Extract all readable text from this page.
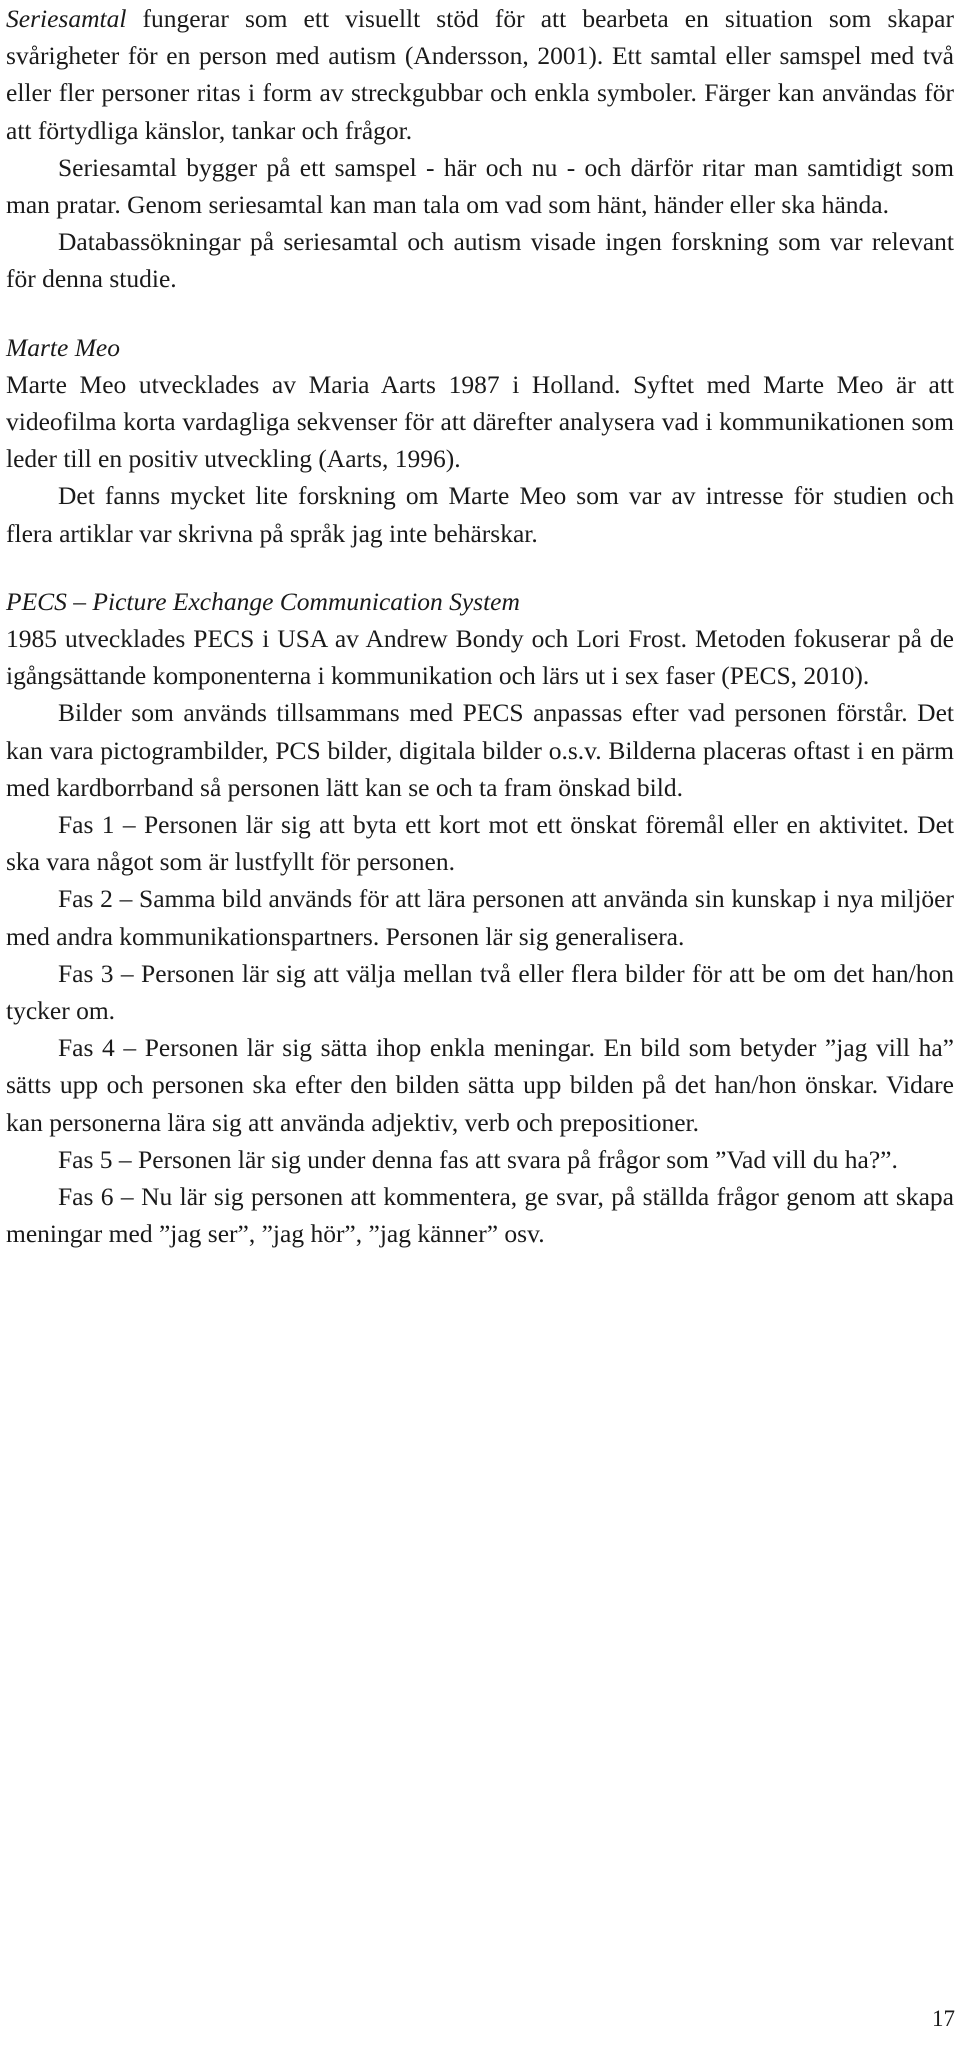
Seriesamtal fungerar som ett visuellt stöd för att bearbeta en situation som skapar svårigheter för en person med autism (Andersson, 2001). Ett samtal eller samspel med två eller fler personer ritas i form av streckgubbar och enkla symboler. Färger kan användas för att förtydliga känslor, tankar och frågor.

Seriesamtal bygger på ett samspel - här och nu - och därför ritar man samtidigt som man pratar. Genom seriesamtal kan man tala om vad som hänt, händer eller ska hända.

Databassökningar på seriesamtal och autism visade ingen forskning som var relevant för denna studie.

Marte Meo

Marte Meo utvecklades av Maria Aarts 1987 i Holland. Syftet med Marte Meo är att videofilma korta vardagliga sekvenser för att därefter analysera vad i kommunikationen som leder till en positiv utveckling (Aarts, 1996).

Det fanns mycket lite forskning om Marte Meo som var av intresse för studien och flera artiklar var skrivna på språk jag inte behärskar.

PECS – Picture Exchange Communication System

1985 utvecklades PECS i USA av Andrew Bondy och Lori Frost. Metoden fokuserar på de igångsättande komponenterna i kommunikation och lärs ut i sex faser (PECS, 2010).

Bilder som används tillsammans med PECS anpassas efter vad personen förstår. Det kan vara pictogrambilder, PCS bilder, digitala bilder o.s.v. Bilderna placeras oftast i en pärm med kardborrband så personen lätt kan se och ta fram önskad bild.

Fas 1 – Personen lär sig att byta ett kort mot ett önskat föremål eller en aktivitet. Det ska vara något som är lustfyllt för personen.

Fas 2 – Samma bild används för att lära personen att använda sin kunskap i nya miljöer med andra kommunikationspartners. Personen lär sig generalisera.

Fas 3 – Personen lär sig att välja mellan två eller flera bilder för att be om det han/hon tycker om.

Fas 4 – Personen lär sig sätta ihop enkla meningar. En bild som betyder ”jag vill ha” sätts upp och personen ska efter den bilden sätta upp bilden på det han/hon önskar. Vidare kan personerna lära sig att använda adjektiv, verb och prepositioner.

Fas 5 – Personen lär sig under denna fas att svara på frågor som ”Vad vill du ha?”.

Fas 6 – Nu lär sig personen att kommentera, ge svar, på ställda frågor genom att skapa meningar med ”jag ser”, ”jag hör”, ”jag känner” osv.

17
